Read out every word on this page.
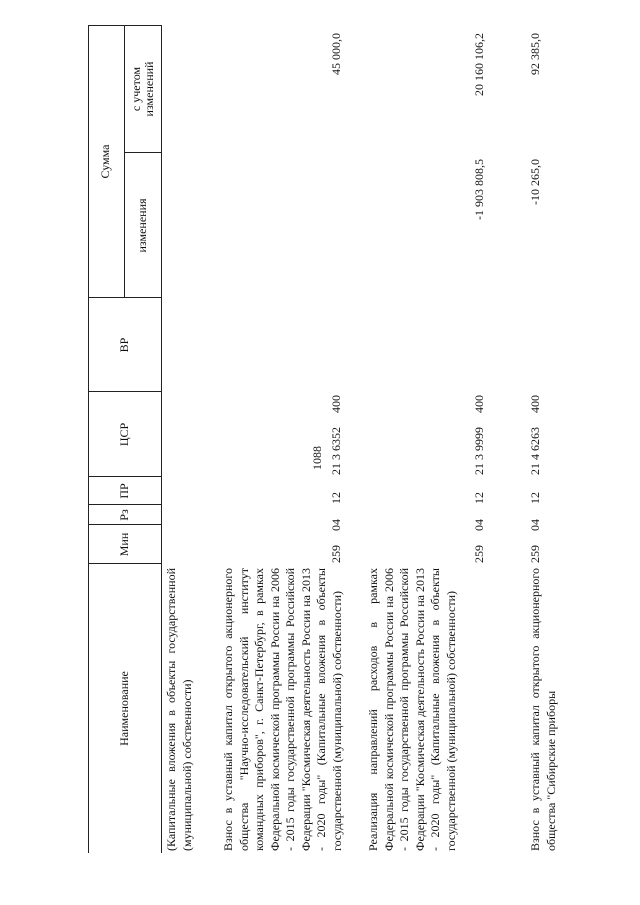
1088
Наименование
Мин
Рз
ПР
ЦСР
ВР
Сумма
изменения
с учетом изменений
(Капитальные вложения в объекты государственной (муниципальной) собственности) Взнос в уставный капитал открытого акционерного общества "Научно-исследовательский институт командных приборов", г. Санкт-Петербург, в рамках Федеральной космической программы России на 2006 - 2015 годы государственной программы Российской Федерации "Космическая деятельность России на 2013 - 2020 годы" (Капитальные вложения в объекты государственной (муниципальной) собственности)
259
04
12
21 3 6352
400
45 000,0
Реализация направлений расходов в рамках Федеральной космической программы России на 2006 - 2015 годы государственной программы Российской Федерации "Космическая деятельность России на 2013 - 2020 годы" (Капитальные вложения в объекты государственной (муниципальной) собственности)
259
04
12
21 3 9999
400
-1 903 808,5
20 160 106,2
Взнос в уставный капитал открытого акционерного общества "Сибирские приборы
259
04
12
21 4 6263
400
-10 265,0
92 385,0
